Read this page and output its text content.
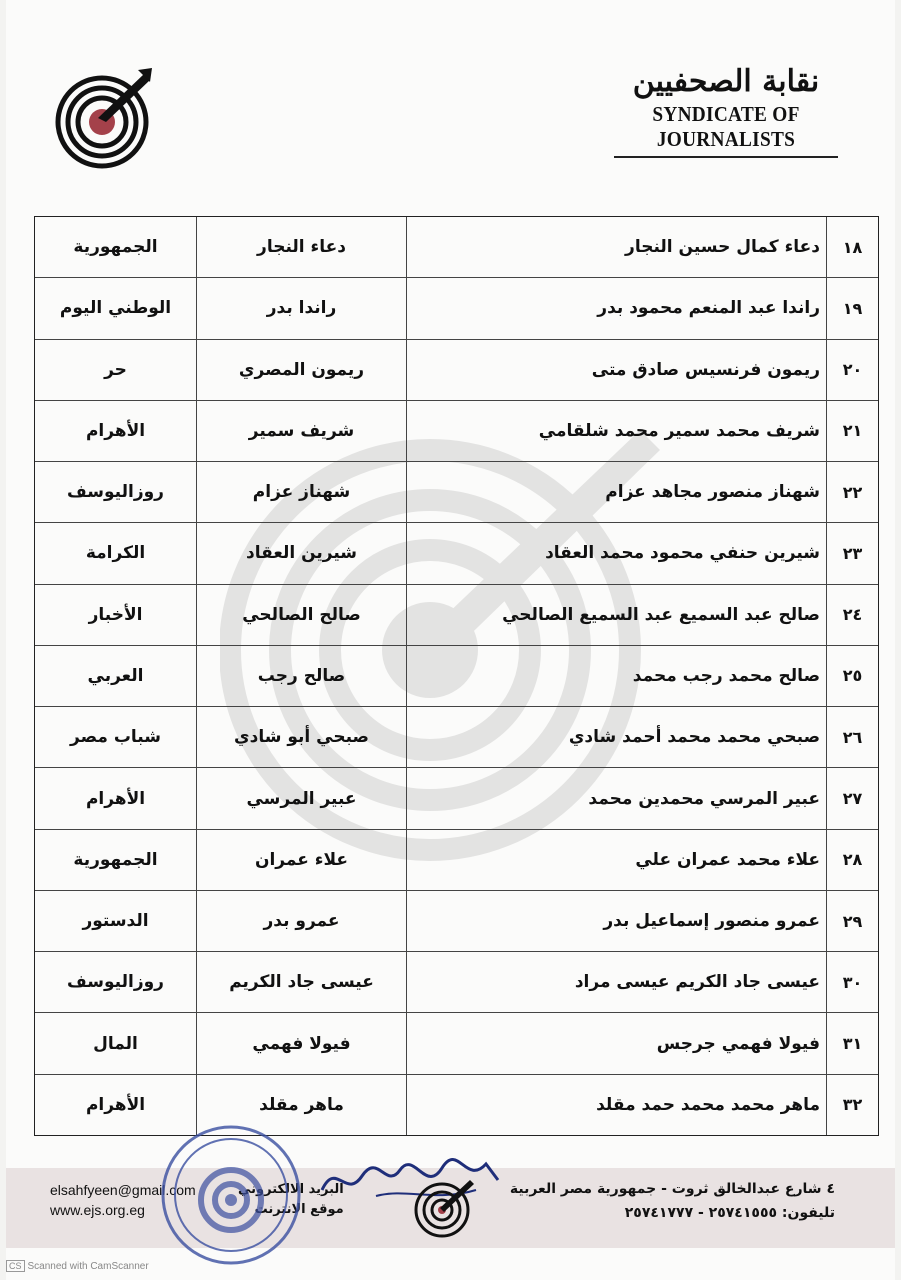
نقابة الصحفيين
SYNDICATE OF JOURNALISTS
١٨
دعاء كمال حسين النجار
دعاء النجار
الجمهورية
١٩
راندا عبد المنعم محمود بدر
راندا بدر
الوطني اليوم
٢٠
ريمون فرنسيس صادق متى
ريمون المصري
حر
٢١
شريف محمد سمير محمد شلقامي
شريف سمير
الأهرام
٢٢
شهناز منصور مجاهد عزام
شهناز عزام
روزاليوسف
٢٣
شيرين حنفي محمود محمد العقاد
شيرين العقاد
الكرامة
٢٤
صالح عبد السميع عبد السميع الصالحي
صالح الصالحي
الأخبار
٢٥
صالح محمد رجب محمد
صالح رجب
العربي
٢٦
صبحي محمد محمد أحمد شادي
صبحي أبو شادي
شباب مصر
٢٧
عبير المرسي محمدين محمد
عبير المرسي
الأهرام
٢٨
علاء محمد عمران علي
علاء عمران
الجمهورية
٢٩
عمرو منصور إسماعيل بدر
عمرو بدر
الدستور
٣٠
عيسى جاد الكريم عيسى مراد
عيسى جاد الكريم
روزاليوسف
٣١
فيولا فهمي جرجس
فيولا فهمي
المال
٣٢
ماهر محمد محمد حمد مقلد
ماهر مقلد
الأهرام
٤ شارع عبدالخالق ثروت - جمهورية مصر العربية
تليفون: ٢٥٧٤١٥٥٥ - ٢٥٧٤١٧٧٧
elsahfyeen@gmail.com
www.ejs.org.eg
البريد الالكتروني
موقع الانترنت
CS Scanned with CamScanner
